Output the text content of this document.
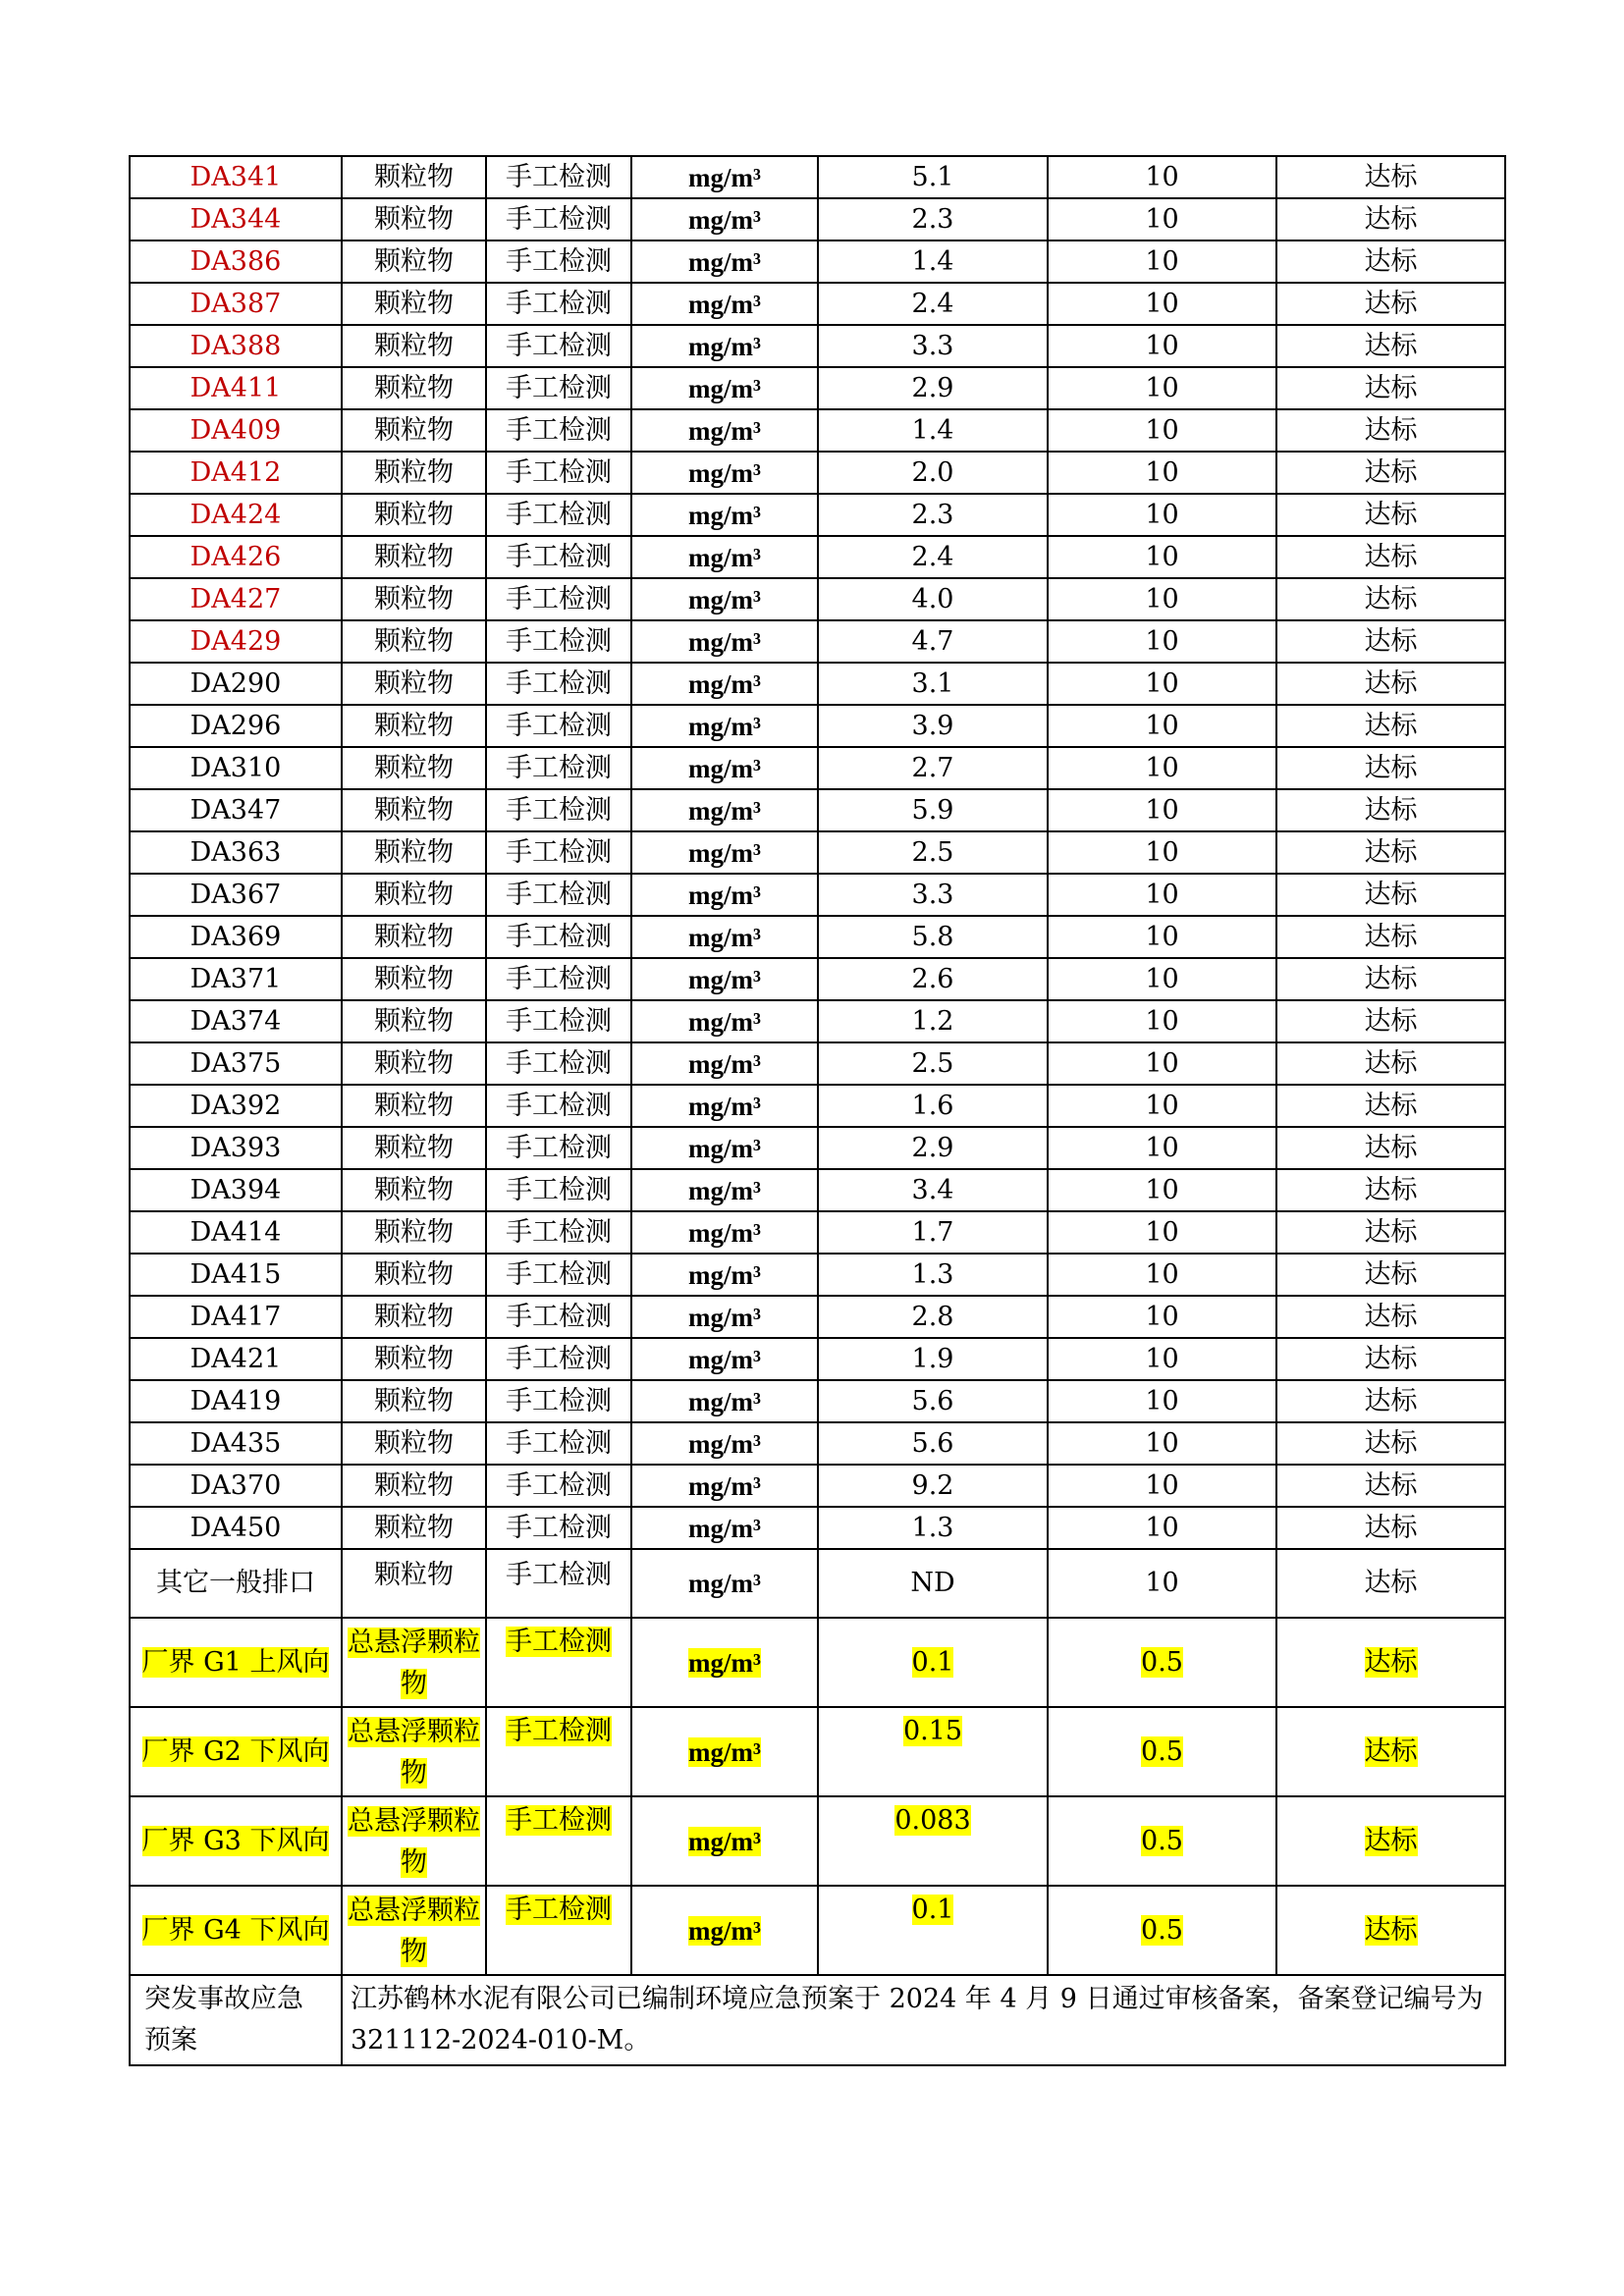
DA341	颗粒物	手工检测	mg/m³	5.1	10	达标
DA344	颗粒物	手工检测	mg/m³	2.3	10	达标
DA386	颗粒物	手工检测	mg/m³	1.4	10	达标
DA387	颗粒物	手工检测	mg/m³	2.4	10	达标
DA388	颗粒物	手工检测	mg/m³	3.3	10	达标
DA411	颗粒物	手工检测	mg/m³	2.9	10	达标
DA409	颗粒物	手工检测	mg/m³	1.4	10	达标
DA412	颗粒物	手工检测	mg/m³	2.0	10	达标
DA424	颗粒物	手工检测	mg/m³	2.3	10	达标
DA426	颗粒物	手工检测	mg/m³	2.4	10	达标
DA427	颗粒物	手工检测	mg/m³	4.0	10	达标
DA429	颗粒物	手工检测	mg/m³	4.7	10	达标
DA290	颗粒物	手工检测	mg/m³	3.1	10	达标
DA296	颗粒物	手工检测	mg/m³	3.9	10	达标
DA310	颗粒物	手工检测	mg/m³	2.7	10	达标
DA347	颗粒物	手工检测	mg/m³	5.9	10	达标
DA363	颗粒物	手工检测	mg/m³	2.5	10	达标
DA367	颗粒物	手工检测	mg/m³	3.3	10	达标
DA369	颗粒物	手工检测	mg/m³	5.8	10	达标
DA371	颗粒物	手工检测	mg/m³	2.6	10	达标
DA374	颗粒物	手工检测	mg/m³	1.2	10	达标
DA375	颗粒物	手工检测	mg/m³	2.5	10	达标
DA392	颗粒物	手工检测	mg/m³	1.6	10	达标
DA393	颗粒物	手工检测	mg/m³	2.9	10	达标
DA394	颗粒物	手工检测	mg/m³	3.4	10	达标
DA414	颗粒物	手工检测	mg/m³	1.7	10	达标
DA415	颗粒物	手工检测	mg/m³	1.3	10	达标
DA417	颗粒物	手工检测	mg/m³	2.8	10	达标
DA421	颗粒物	手工检测	mg/m³	1.9	10	达标
DA419	颗粒物	手工检测	mg/m³	5.6	10	达标
DA435	颗粒物	手工检测	mg/m³	5.6	10	达标
DA370	颗粒物	手工检测	mg/m³	9.2	10	达标
DA450	颗粒物	手工检测	mg/m³	1.3	10	达标
其它一般排口	颗粒物	手工检测	mg/m³	ND	10	达标
厂界 G1 上风向	总悬浮颗粒物	手工检测	mg/m³	0.1	0.5	达标
厂界 G2 下风向	总悬浮颗粒物	手工检测	mg/m³	0.15	0.5	达标
厂界 G3 下风向	总悬浮颗粒物	手工检测	mg/m³	0.083	0.5	达标
厂界 G4 下风向	总悬浮颗粒物	手工检测	mg/m³	0.1	0.5	达标
突发事故应急预案	江苏鹤林水泥有限公司已编制环境应急预案于 2024 年 4 月 9 日通过审核备案，备案登记编号为 321112-2024-010-M。					
